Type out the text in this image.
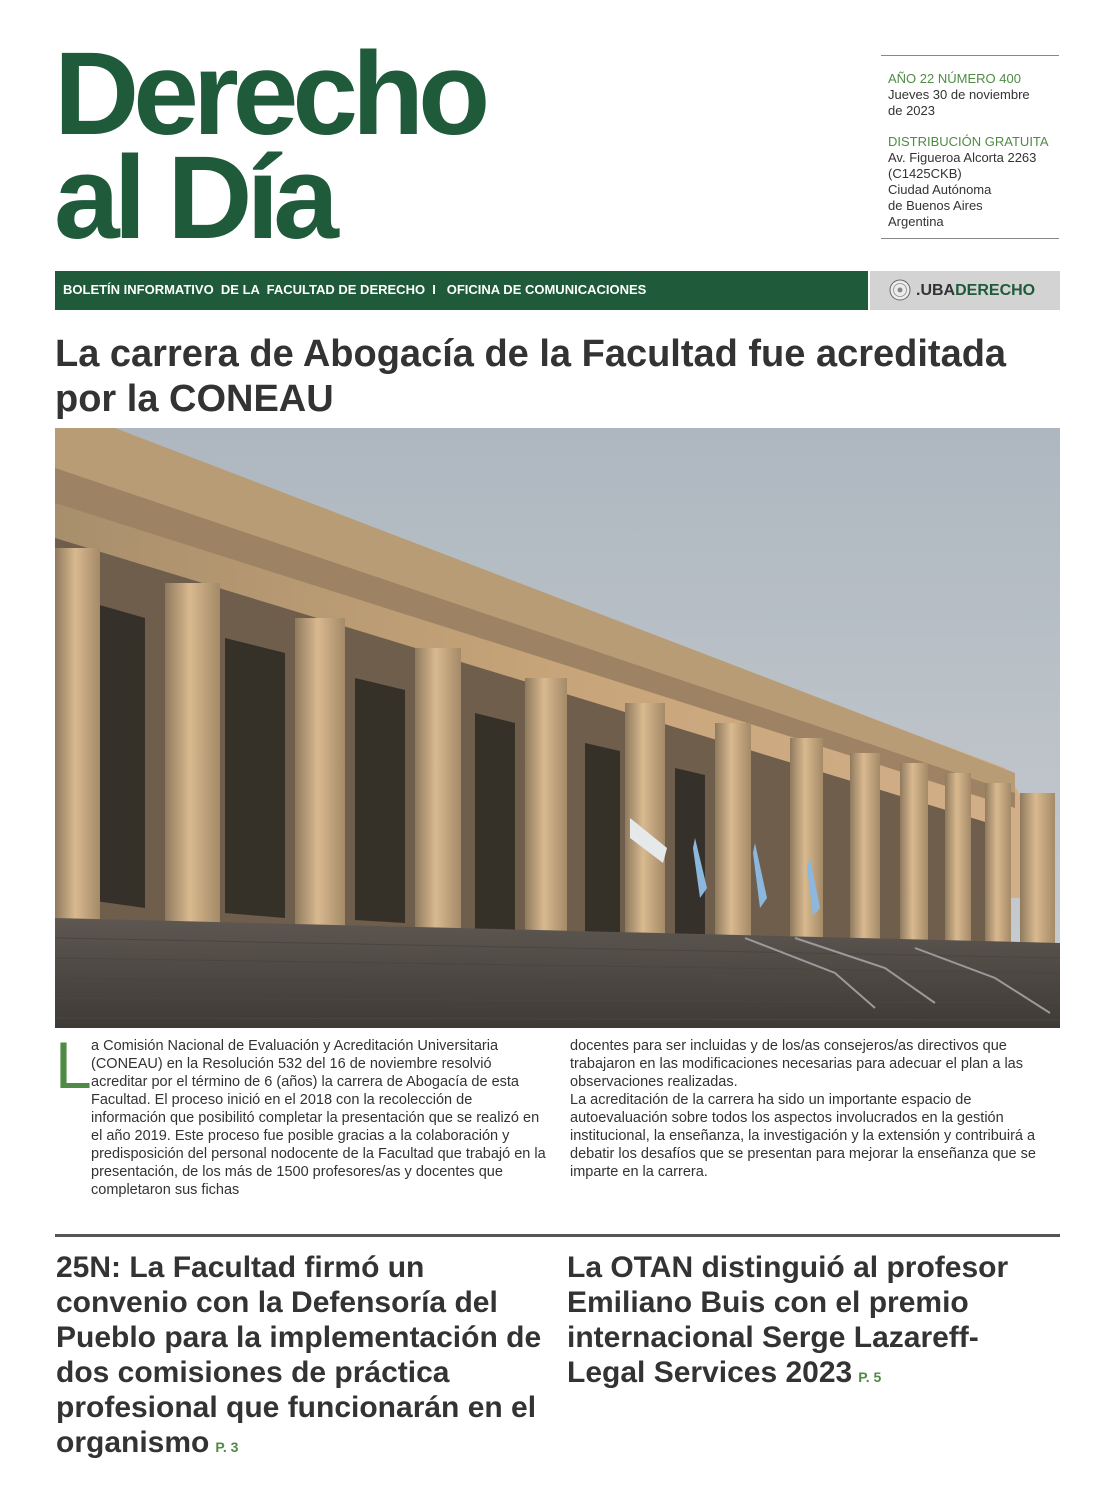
Derecho
al Día
AÑO 22 NÚMERO 400
Jueves 30 de noviembre
de 2023
DISTRIBUCIÓN GRATUITA
Av. Figueroa Alcorta 2263
(C1425CKB)
Ciudad Autónoma
de Buenos Aires
Argentina
BOLETÍN INFORMATIVO  DE LA  FACULTAD DE DERECHO  I   OFICINA DE COMUNICACIONES	.UBADERECHO
La carrera de Abogacía de la Facultad fue acreditada por la CONEAU
L a Comisión Nacional de Evaluación y Acreditación Universitaria (CONEAU) en la Resolución 532 del 16 de noviembre resolvió acreditar por el término de 6 (años) la carrera de Abogacía de esta Facultad. El proceso inició en el 2018 con la recolección de información que posibilitó completar la presentación que se realizó en el año 2019. Este proceso fue posible gracias a la colaboración y predisposición del personal nodocente de la Facultad que trabajó en la presentación, de los más de 1500 profesores/as y docentes que completaron sus fichas

docentes para ser incluidas y de los/as consejeros/as directivos que trabajaron en las modificaciones necesarias para adecuar el plan a las observaciones realizadas.

La acreditación de la carrera ha sido un importante espacio de autoevaluación sobre todos los aspectos involucrados en la gestión institucional, la enseñanza, la investigación y la extensión y contribuirá a debatir los desafíos que se presentan para mejorar la enseñanza que se imparte en la carrera.

25N: La Facultad firmó un convenio con la Defensoría del Pueblo para la implementación de dos comisiones de práctica profesional que funcionarán en el organismo P. 3
La OTAN distinguió al profesor Emiliano Buis con el premio internacional Serge Lazareff-Legal Services 2023 P. 5
